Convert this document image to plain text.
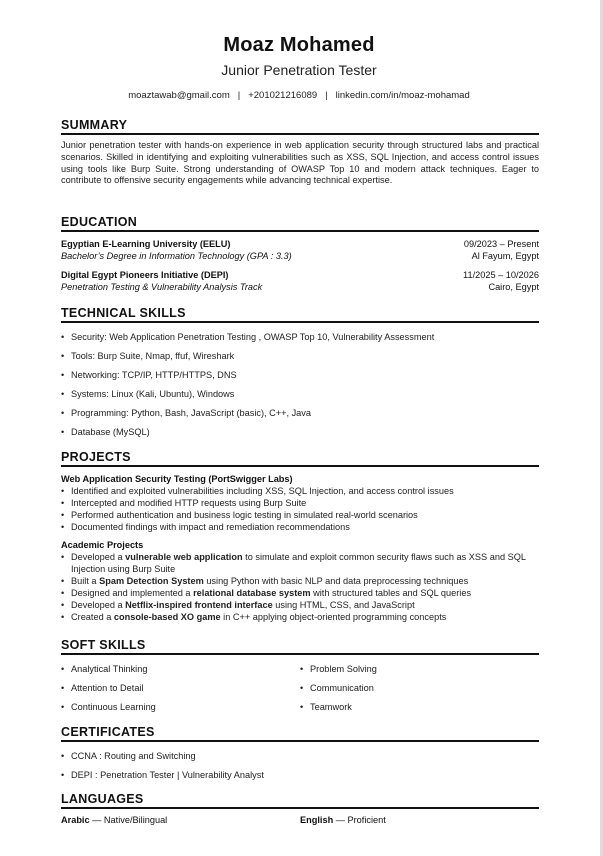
Moaz Mohamed
Junior Penetration Tester
moaztawab@gmail.com | +201021216089 | linkedin.com/in/moaz-mohamad
SUMMARY
Junior penetration tester with hands-on experience in web application security through structured labs and practical scenarios. Skilled in identifying and exploiting vulnerabilities such as XSS, SQL Injection, and access control issues using tools like Burp Suite. Strong understanding of OWASP Top 10 and modern attack techniques. Eager to contribute to offensive security engagements while advancing technical expertise.
EDUCATION
Egyptian E-Learning University (EELU)	09/2023 – Present
Bachelor’s Degree in Information Technology (GPA : 3.3)	Al Fayum, Egypt
Digital Egypt Pioneers Initiative (DEPI)	11/2025 – 10/2026
Penetration Testing & Vulnerability Analysis Track	Cairo, Egypt
TECHNICAL SKILLS
• Security: Web Application Penetration Testing , OWASP Top 10, Vulnerability Assessment
• Tools: Burp Suite, Nmap, ffuf, Wireshark
• Networking: TCP/IP, HTTP/HTTPS, DNS
• Systems: Linux (Kali, Ubuntu), Windows
• Programming: Python, Bash, JavaScript (basic), C++, Java
• Database (MySQL)
PROJECTS
Web Application Security Testing (PortSwigger Labs)
• Identified and exploited vulnerabilities including XSS, SQL Injection, and access control issues
• Intercepted and modified HTTP requests using Burp Suite
• Performed authentication and business logic testing in simulated real-world scenarios
• Documented findings with impact and remediation recommendations
Academic Projects
• Developed a vulnerable web application to simulate and exploit common security flaws such as XSS and SQL Injection using Burp Suite
• Built a Spam Detection System using Python with basic NLP and data preprocessing techniques
• Designed and implemented a relational database system with structured tables and SQL queries
• Developed a Netflix-inspired frontend interface using HTML, CSS, and JavaScript
• Created a console-based XO game in C++ applying object-oriented programming concepts
SOFT SKILLS
• Analytical Thinking
• Attention to Detail
• Continuous Learning
• Problem Solving
• Communication
• Teamwork
CERTIFICATES
• CCNA : Routing and Switching
• DEPI : Penetration Tester | Vulnerability Analyst
LANGUAGES
Arabic — Native/Bilingual	English — Proficient
